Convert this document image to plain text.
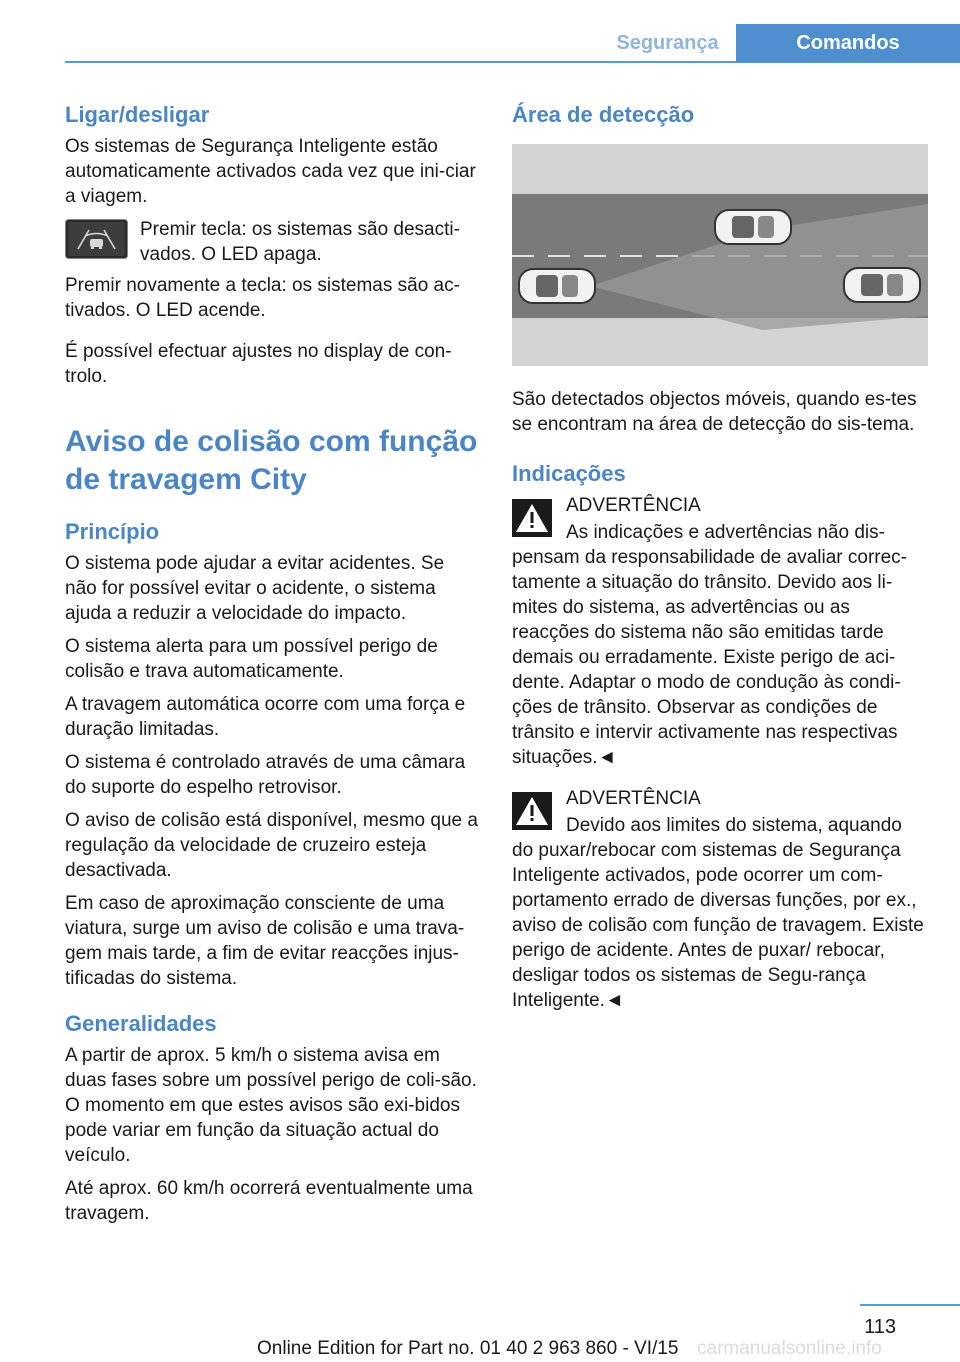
Segurança	Comandos
Ligar/desligar

Os sistemas de Segurança Inteligente estão automaticamente activados cada vez que ini-ciar a viagem.

Premir tecla: os sistemas são desacti-vados. O LED apaga.

Premir novamente a tecla: os sistemas são ac-tivados. O LED acende.

É possível efectuar ajustes no display de con-trolo.

Aviso de colisão com função de travagem City
Princípio

O sistema pode ajudar a evitar acidentes. Se não for possível evitar o acidente, o sistema ajuda a reduzir a velocidade do impacto.

O sistema alerta para um possível perigo de colisão e trava automaticamente.

A travagem automática ocorre com uma força e duração limitadas.

O sistema é controlado através de uma câmara do suporte do espelho retrovisor.

O aviso de colisão está disponível, mesmo que a regulação da velocidade de cruzeiro esteja desactivada.

Em caso de aproximação consciente de uma viatura, surge um aviso de colisão e uma trava-gem mais tarde, a fim de evitar reacções injus-tificadas do sistema.

Generalidades

A partir de aprox. 5 km/h o sistema avisa em duas fases sobre um possível perigo de coli-são. O momento em que estes avisos são exi-bidos pode variar em função da situação actual do veículo.

Até aprox. 60 km/h ocorrerá eventualmente uma travagem.

Área de detecção

São detectados objectos móveis, quando es-tes se encontram na área de detecção do sis-tema.

Indicações
ADVERTÊNCIA

As indicações e advertências não dis-

pensam da responsabilidade de avaliar correc-tamente a situação do trânsito. Devido aos li-mites do sistema, as advertências ou as reacções do sistema não são emitidas tarde demais ou erradamente. Existe perigo de aci-dente. Adaptar o modo de condução às condi-ções de trânsito. Observar as condições de trânsito e intervir activamente nas respectivas situações.◄

ADVERTÊNCIA

Devido aos limites do sistema, aquando

do puxar/rebocar com sistemas de Segurança Inteligente activados, pode ocorrer um com-portamento errado de diversas funções, por ex., aviso de colisão com função de travagem. Existe perigo de acidente. Antes de puxar/ rebocar, desligar todos os sistemas de Segu-rança Inteligente.◄

113
Online Edition for Part no. 01 40 2 963 860 - VI/15 carmanualsonline.info
